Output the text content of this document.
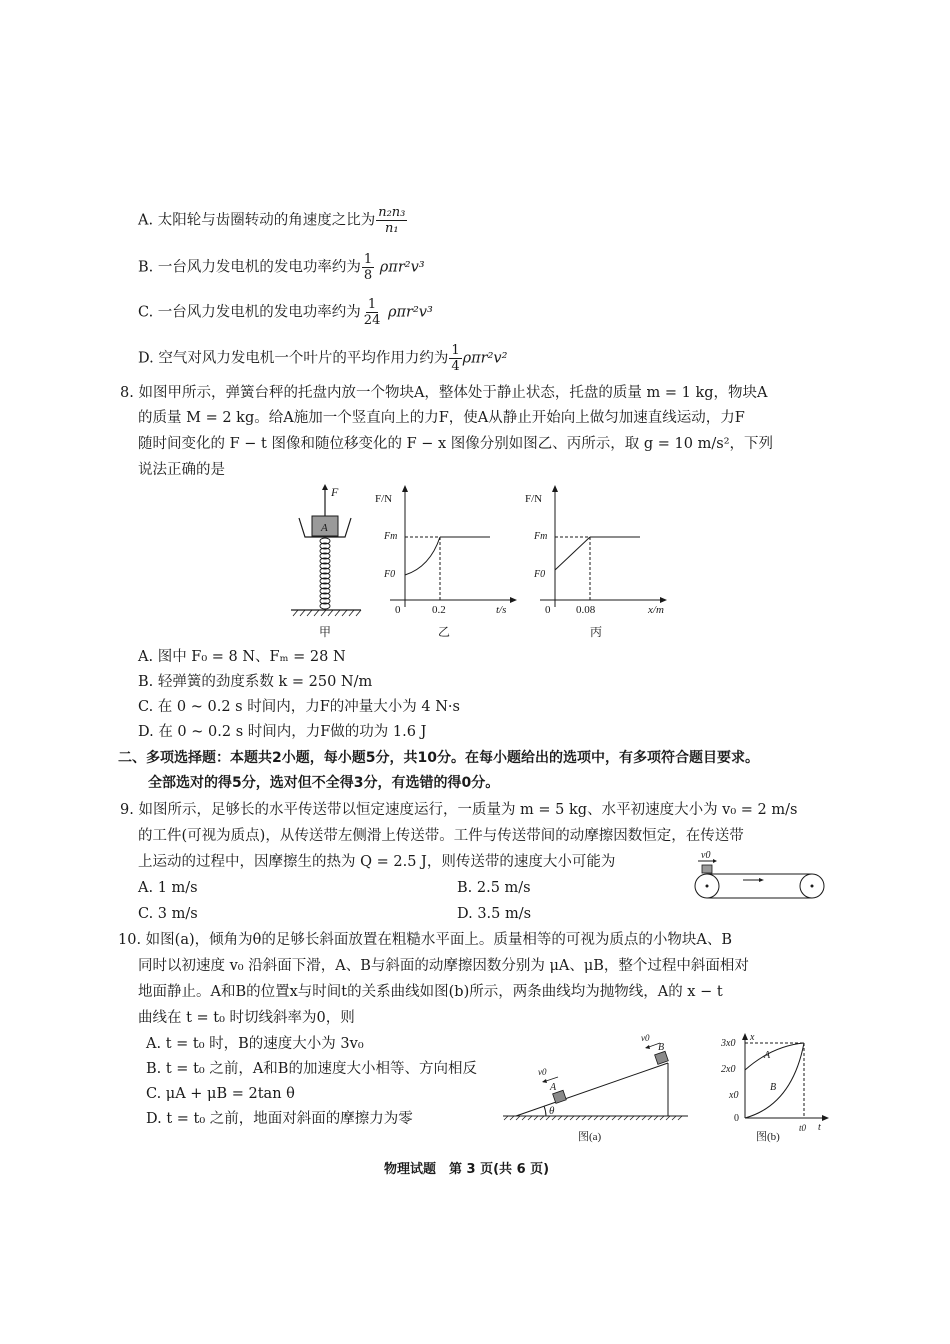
A. 太阳轮与齿圈转动的角速度之比为 $\frac{\text{n₂n₃}}{\text{n₁}}$
B. 一台风力发电机的发电功率约为 $\frac{1}{8} \rho\pi r^2v^3$
C. 一台风力发电机的发电功率约为 $\frac{1}{24} \rho\pi r^2v^3$
D. 空气对风力发电机一个叶片的平均作用力约为 $\frac{1}{4} \rho\pi r^2v^2$
8. 如图甲所示，弹簧台秤的托盘内放一个物块A，整体处于静止状态，托盘的质量 m = 1 kg，物块A
的质量 M = 2 kg。给A施加一个竖直向上的力F，使A从静止开始向上做匀加速直线运动，力F
随时间变化的 F − t 图像和随位移变化的 F − x 图像分别如图乙、丙所示，取 g = 10 m/s²，下列
说法正确的是
F
A
甲
F/N
Fm
F0
0	0.2	t/s
乙
F/N
Fm
F0
0 0.08	x/m
丙
A. 图中 F₀ = 8 N、Fₘ = 28 N
B. 轻弹簧的劲度系数 k = 250 N/m
C. 在 0 ~ 0.2 s 时间内，力F的冲量大小为 4 N·s
D. 在 0 ~ 0.2 s 时间内，力F做的功为 1.6 J
二、多项选择题：本题共2小题，每小题5分，共10分。在每小题给出的选项中，有多项符合题目要求。
全部选对的得5分，选对但不全得3分，有选错的得0分。
9. 如图所示，足够长的水平传送带以恒定速度运行，一质量为 m = 5 kg、水平初速度大小为 v₀ = 2 m/s
的工件(可视为质点)，从传送带左侧滑上传送带。工件与传送带间的动摩擦因数恒定，在传送带
上运动的过程中，因摩擦生的热为 Q = 2.5 J，则传送带的速度大小可能为
A. 1 m/s	B. 2.5 m/s
C. 3 m/s	D. 3.5 m/s
v0
10. 如图(a)，倾角为θ的足够长斜面放置在粗糙水平面上。质量相等的可视为质点的小物块A、B
同时以初速度 v₀ 沿斜面下滑，A、B与斜面的动摩擦因数分别为 μA、μB，整个过程中斜面相对
地面静止。A和B的位置x与时间t的关系曲线如图(b)所示，两条曲线均为抛物线，A的 x − t
曲线在 t = t₀ 时切线斜率为0，则
A. t = t₀ 时，B的速度大小为 3v₀
B. t = t₀ 之前，A和B的加速度大小相等、方向相反
C. μA + μB = 2tan θ
D. t = t₀ 之前，地面对斜面的摩擦力为零	θ
A
v0
B
v0
图(a)
x
t
3x0
2x0
x0
0
A
B
t0
图(b)
物理试题　第 3 页(共 6 页)
